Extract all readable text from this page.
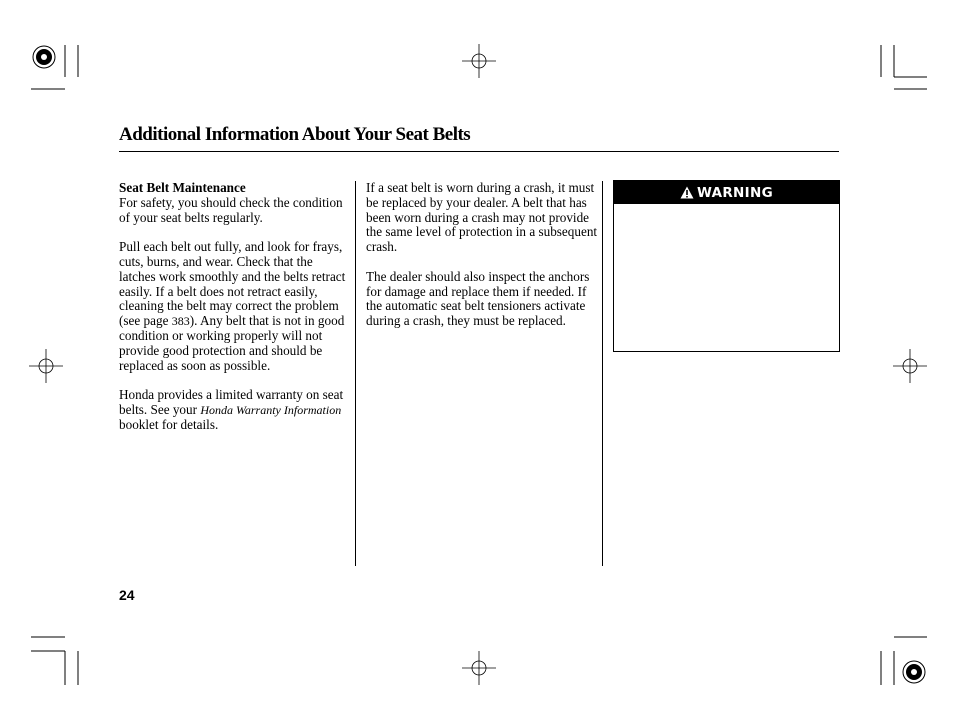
Additional Information About Your Seat Belts
Seat Belt Maintenance

For safety, you should check the condition of your seat belts regularly.

Pull each belt out fully, and look for frays, cuts, burns, and wear. Check that the latches work smoothly and the belts retract easily. If a belt does not retract easily, cleaning the belt may correct the problem (see page 383). Any belt that is not in good condition or working properly will not provide good protection and should be replaced as soon as possible.

Honda provides a limited warranty on seat belts. See your Honda Warranty Information booklet for details.

If a seat belt is worn during a crash, it must be replaced by your dealer. A belt that has been worn during a crash may not provide the same level of protection in a subsequent crash.

The dealer should also inspect the anchors for damage and replace them if needed. If the automatic seat belt tensioners activate during a crash, they must be replaced.

WARNING
24
